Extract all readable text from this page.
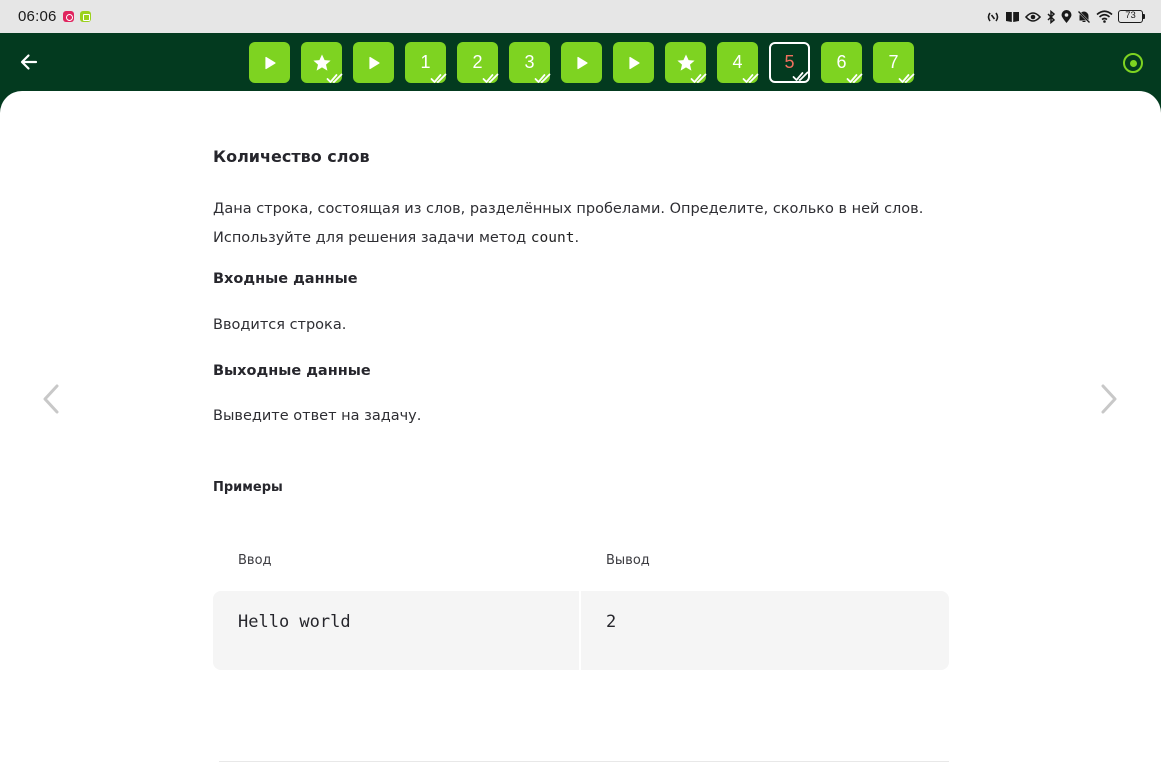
06:06	73
1 2 3	4 5 6 7
Количество слов
Дана строка, состоящая из слов, разделённых пробелами. Определите, сколько в ней слов.
Используйте для решения задачи метод count.
Входные данные
Вводится строка.
Выходные данные
Выведите ответ на задачу.
Примеры
Ввод	Вывод
Hello world	2
